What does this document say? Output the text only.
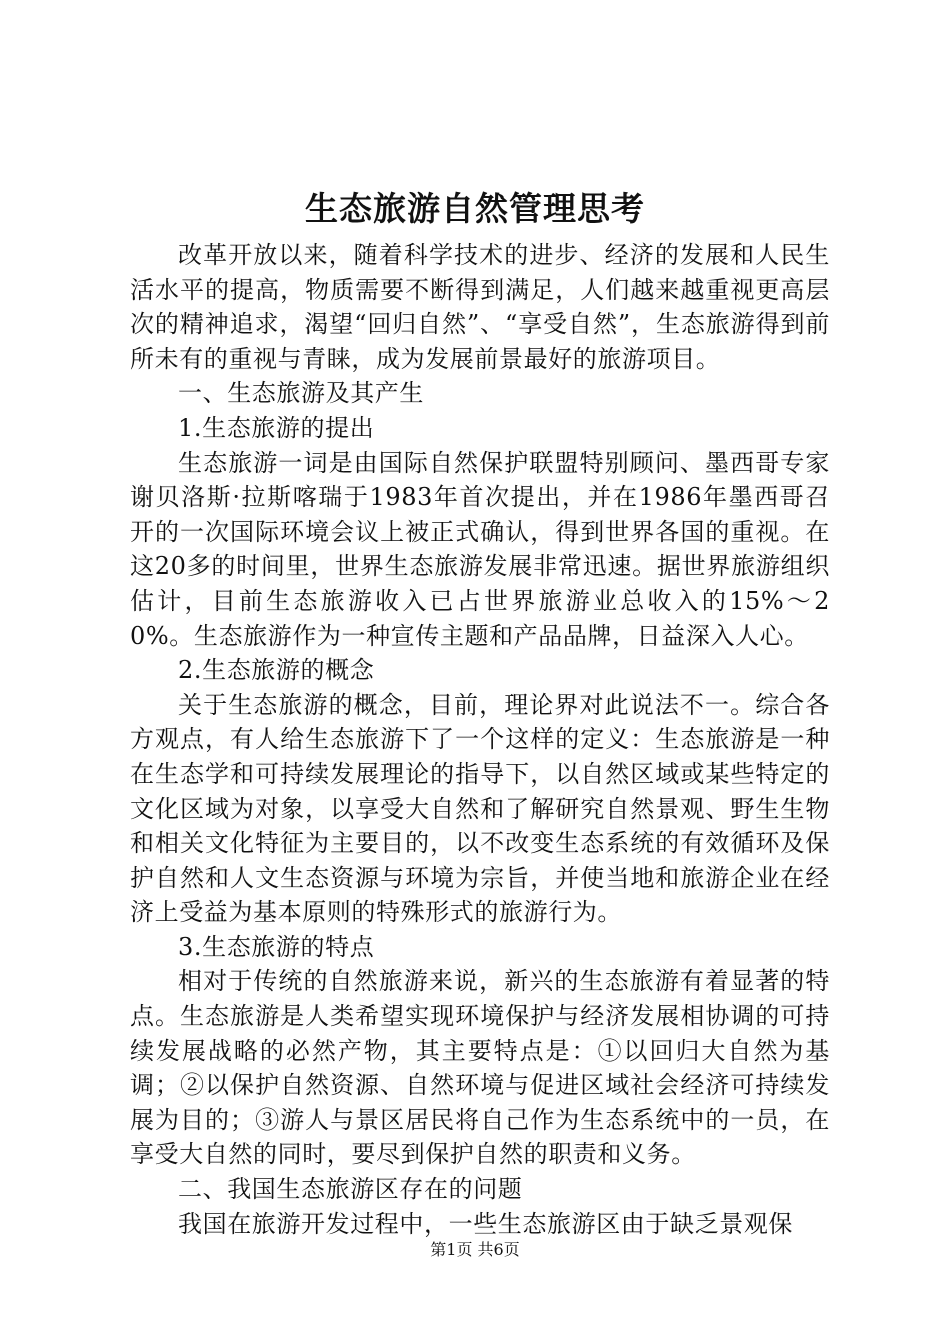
生态旅游自然管理思考

改革开放以来，随着科学技术的进步、经济的发展和人民生活水平的提高，物质需要不断得到满足，人们越来越重视更高层次的精神追求，渴望“回归自然”、“享受自然”，生态旅游得到前所未有的重视与青睐，成为发展前景最好的旅游项目。

一、生态旅游及其产生

1.生态旅游的提出

生态旅游一词是由国际自然保护联盟特别顾问、墨西哥专家谢贝洛斯·拉斯喀瑞于1983年首次提出，并在1986年墨西哥召开的一次国际环境会议上被正式确认，得到世界各国的重视。在这20多的时间里，世界生态旅游发展非常迅速。据世界旅游组织估计，目前生态旅游收入已占世界旅游业总收入的15%～20%。生态旅游作为一种宣传主题和产品品牌，日益深入人心。

2.生态旅游的概念

关于生态旅游的概念，目前，理论界对此说法不一。综合各方观点，有人给生态旅游下了一个这样的定义：生态旅游是一种在生态学和可持续发展理论的指导下，以自然区域或某些特定的文化区域为对象，以享受大自然和了解研究自然景观、野生生物和相关文化特征为主要目的，以不改变生态系统的有效循环及保护自然和人文生态资源与环境为宗旨，并使当地和旅游企业在经济上受益为基本原则的特殊形式的旅游行为。

3.生态旅游的特点

相对于传统的自然旅游来说，新兴的生态旅游有着显著的特点。生态旅游是人类希望实现环境保护与经济发展相协调的可持续发展战略的必然产物，其主要特点是：①以回归大自然为基调；②以保护自然资源、自然环境与促进区域社会经济可持续发展为目的；③游人与景区居民将自己作为生态系统中的一员，在享受大自然的同时，要尽到保护自然的职责和义务。

二、我国生态旅游区存在的问题

我国在旅游开发过程中，一些生态旅游区由于缺乏景观保

第1页 共6页
